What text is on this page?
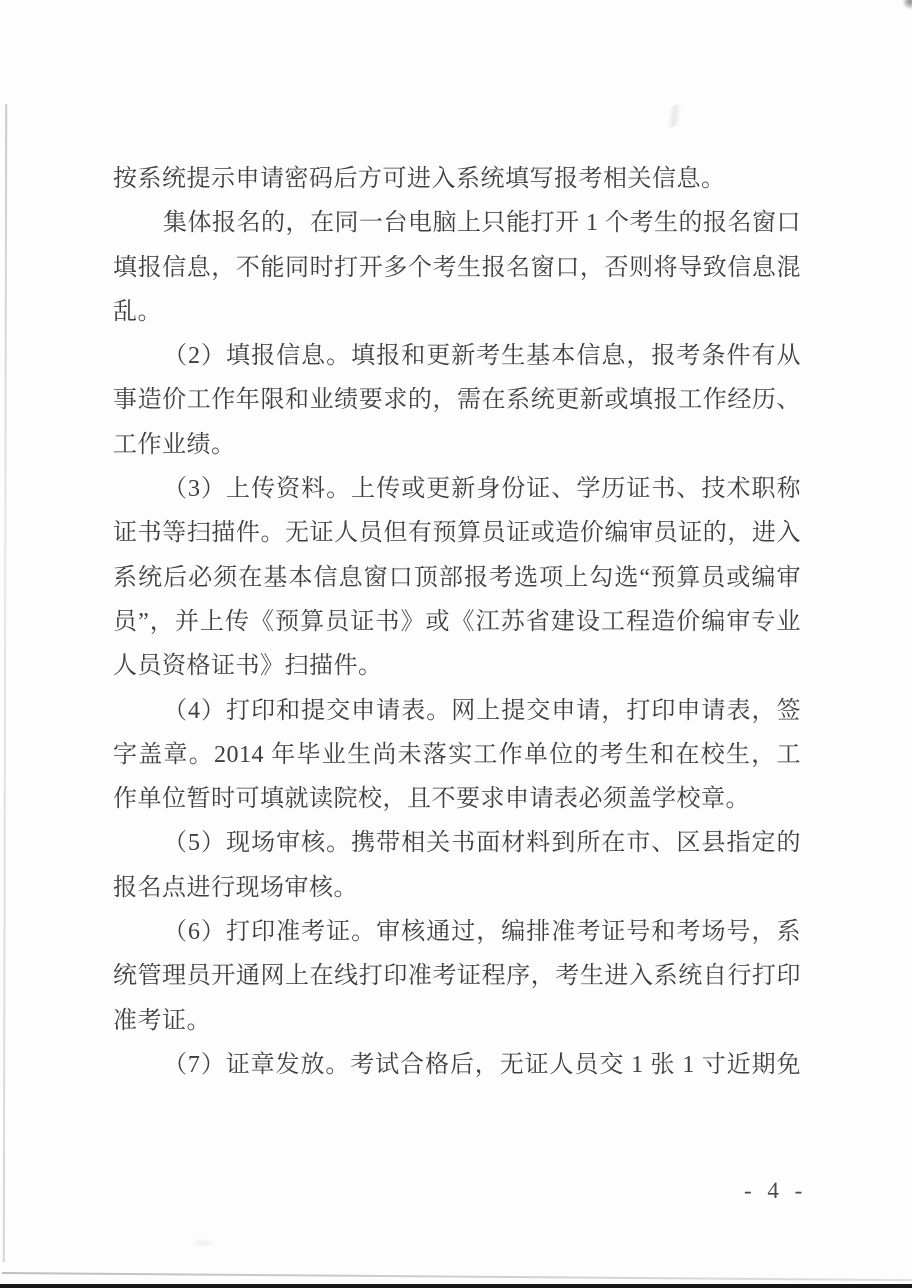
按系统提示申请密码后方可进入系统填写报考相关信息。
集体报名的，在同一台电脑上只能打开 1 个考生的报名窗口
填报信息，不能同时打开多个考生报名窗口，否则将导致信息混
乱。
（2）填报信息。填报和更新考生基本信息，报考条件有从
事造价工作年限和业绩要求的，需在系统更新或填报工作经历、
工作业绩。
（3）上传资料。上传或更新身份证、学历证书、技术职称
证书等扫描件。无证人员但有预算员证或造价编审员证的，进入
系统后必须在基本信息窗口顶部报考选项上勾选“预算员或编审
员”，并上传《预算员证书》或《江苏省建设工程造价编审专业
人员资格证书》扫描件。
（4）打印和提交申请表。网上提交申请，打印申请表，签
字盖章。2014 年毕业生尚未落实工作单位的考生和在校生，工
作单位暂时可填就读院校，且不要求申请表必须盖学校章。
（5）现场审核。携带相关书面材料到所在市、区县指定的
报名点进行现场审核。
（6）打印准考证。审核通过，编排准考证号和考场号，系
统管理员开通网上在线打印准考证程序，考生进入系统自行打印
准考证。
（7）证章发放。考试合格后，无证人员交 1 张 1 寸近期免
- 4 -
